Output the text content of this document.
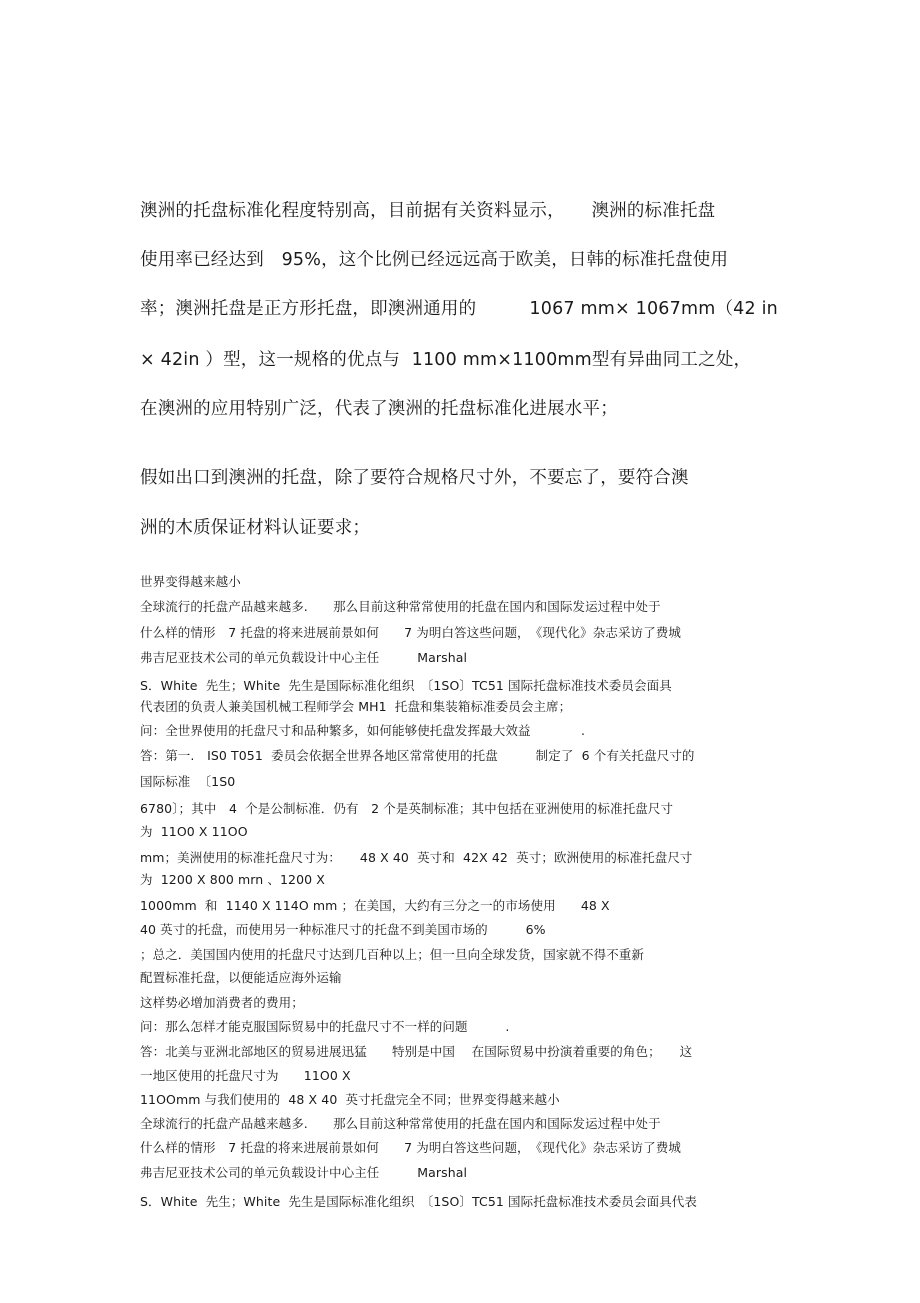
澳洲的托盘标准化程度特别高，目前据有关资料显示，　　澳洲的标准托盘

使用率已经达到　95%，这个比例已经远远高于欧美，日韩的标准托盘使用

率；澳洲托盘是正方形托盘，即澳洲通用的　　　1067 mm× 1067mm（42 in

× 42in ）型，这一规格的优点与  1100 mm×1100mm型有异曲同工之处，

在澳洲的应用特别广泛，代表了澳洲的托盘标准化进展水平；

假如出口到澳洲的托盘，除了要符合规格尺寸外，不要忘了，要符合澳

洲的木质保证材料认证要求；

世界变得越来越小

全球流行的托盘产品越来越多.　　那么目前这种常常使用的托盘在国内和国际发运过程中处于

什么样的情形　7 托盘的将来进展前景如何　　7 为明白答这些问题，　《现代化》杂志采访了费城

弗吉尼亚技术公司的单元负载设计中心主任　　　Marshal

S．White  先生；White  先生是国际标准化组织　〔1SO〕TC51 国际托盘标准技术委员会面具

代表团的负责人兼美国机械工程师学会 MH1  托盘和集装箱标准委员会主席；

问：全世界使用的托盘尺寸和品种繁多，如何能够使托盘发挥最大效益　　　　.

答：第一.　IS0 T051  委员会依据全世界各地区常常使用的托盘　　　制定了  6 个有关托盘尺寸的

国际标准  〔1S0

6780〕；其中　4  个是公制标准．仍有　2 个是英制标准；其中包括在亚洲使用的标准托盘尺寸

为  11O0 X 11OO

mm；美洲使用的标准托盘尺寸为：　　48 X 40  英寸和  42X 42  英寸；欧洲使用的标准托盘尺寸

为  1200 X 800 mrn 、1200 X

1000mm  和  1140 X 114O mm ；在美国，大约有三分之一的市场使用　　48 X

40 英寸的托盘，而使用另一种标准尺寸的托盘不到美国市场的　　　6%

；总之．美国国内使用的托盘尺寸达到几百种以上；但一旦向全球发货，国家就不得不重新

配置标准托盘，以便能适应海外运输

这样势必增加消费者的费用；

问：那么怎样才能克服国际贸易中的托盘尺寸不一样的问题　　　.

答：北美与亚洲北部地区的贸易进展迅猛　　特别是中国　 在国际贸易中扮演着重要的角色；　　这

一地区使用的托盘尺寸为　　11O0 X

11OOmm 与我们使用的  48 X 40  英寸托盘完全不同；世界变得越来越小

全球流行的托盘产品越来越多.　　那么目前这种常常使用的托盘在国内和国际发运过程中处于

什么样的情形　7 托盘的将来进展前景如何　　7 为明白答这些问题，　《现代化》杂志采访了费城

弗吉尼亚技术公司的单元负载设计中心主任　　　Marshal

S．White  先生；White  先生是国际标准化组织　〔1SO〕TC51 国际托盘标准技术委员会面具代表
